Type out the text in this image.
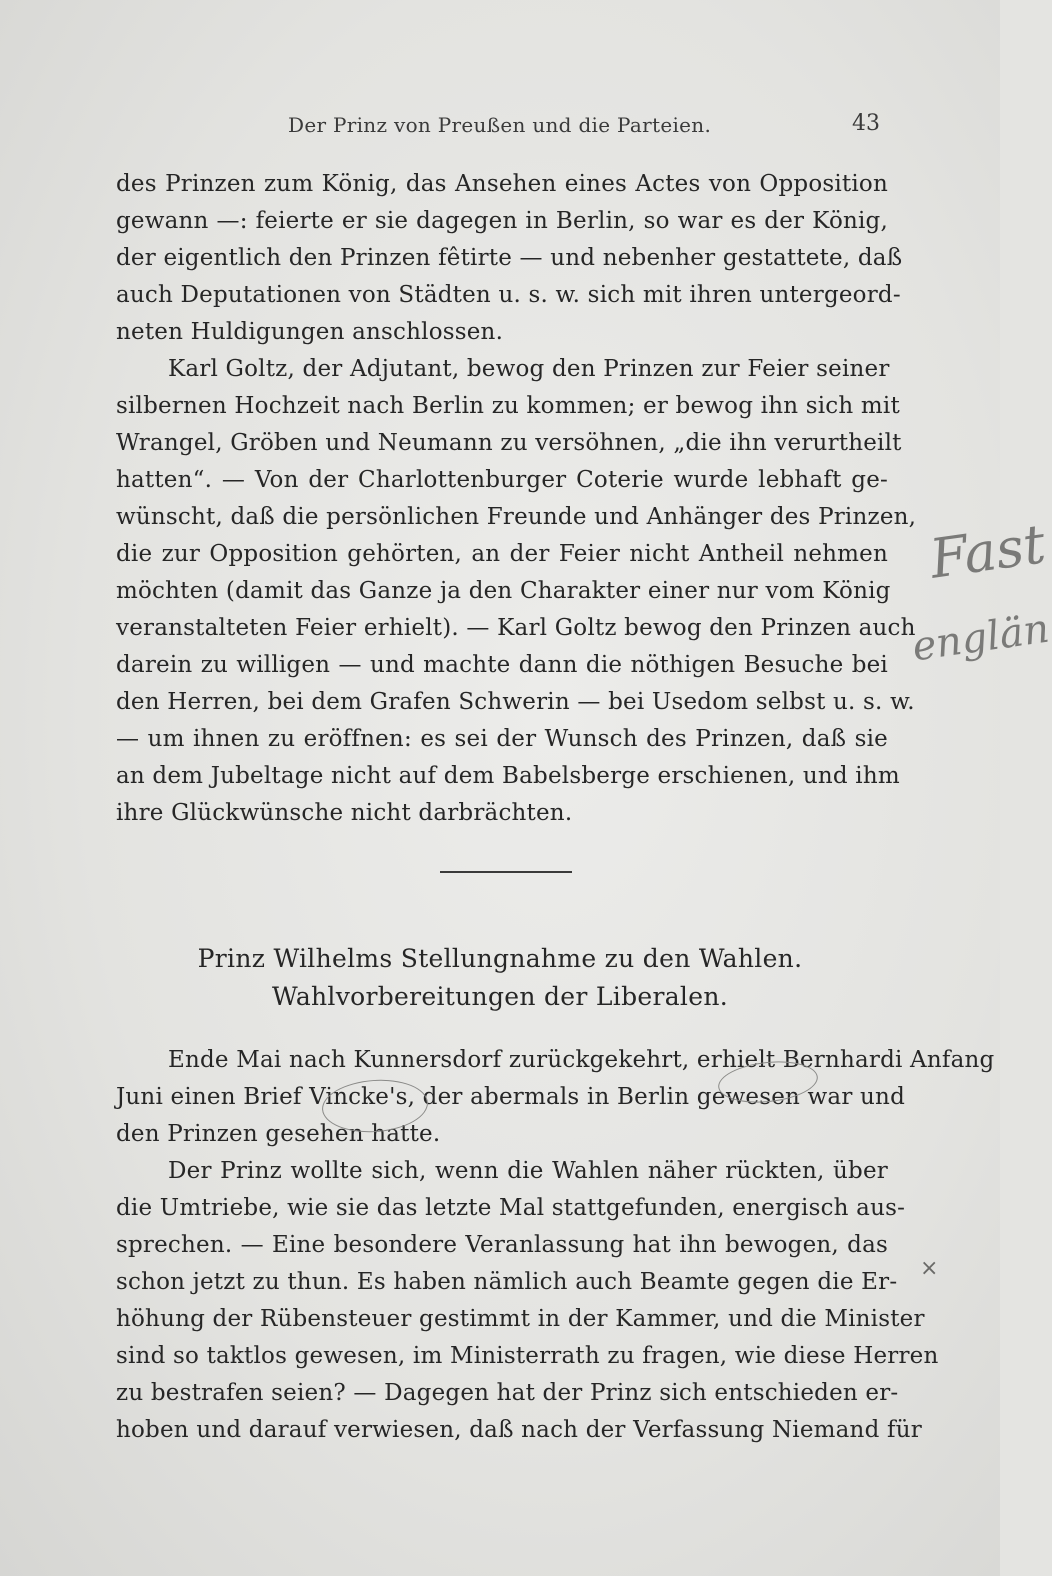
Der Prinz von Preußen und die Parteien.	43
des Prinzen zum König, das Ansehen eines Actes von Opposition
gewann —: feierte er sie dagegen in Berlin, so war es der König,
der eigentlich den Prinzen fêtirte — und nebenher gestattete, daß
auch Deputationen von Städten u. s. w. sich mit ihren untergeord-
neten Huldigungen anschlossen.
Karl Goltz, der Adjutant, bewog den Prinzen zur Feier seiner
silbernen Hochzeit nach Berlin zu kommen; er bewog ihn sich mit
Wrangel, Gröben und Neumann zu versöhnen, „die ihn verurtheilt
hatten“. — Von der Charlottenburger Coterie wurde lebhaft ge-
wünscht, daß die persönlichen Freunde und Anhänger des Prinzen,
die zur Opposition gehörten, an der Feier nicht Antheil nehmen
möchten (damit das Ganze ja den Charakter einer nur vom König
veranstalteten Feier erhielt). — Karl Goltz bewog den Prinzen auch
darein zu willigen — und machte dann die nöthigen Besuche bei
den Herren, bei dem Grafen Schwerin — bei Usedom selbst u. s. w.
— um ihnen zu eröffnen: es sei der Wunsch des Prinzen, daß sie
an dem Jubeltage nicht auf dem Babelsberge erschienen, und ihm
ihre Glückwünsche nicht darbrächten.
Prinz Wilhelms Stellungnahme zu den Wahlen.
Wahlvorbereitungen der Liberalen.
Ende Mai nach Kunnersdorf zurückgekehrt, erhielt Bernhardi Anfang
Juni einen Brief Vincke's, der abermals in Berlin gewesen war und
den Prinzen gesehen hatte.
Der Prinz wollte sich, wenn die Wahlen näher rückten, über
die Umtriebe, wie sie das letzte Mal stattgefunden, energisch aus-
sprechen. — Eine besondere Veranlassung hat ihn bewogen, das
schon jetzt zu thun. Es haben nämlich auch Beamte gegen die Er-
höhung der Rübensteuer gestimmt in der Kammer, und die Minister
sind so taktlos gewesen, im Ministerrath zu fragen, wie diese Herren
zu bestrafen seien? — Dagegen hat der Prinz sich entschieden er-
hoben und darauf verwiesen, daß nach der Verfassung Niemand für
Fast
englän
×
